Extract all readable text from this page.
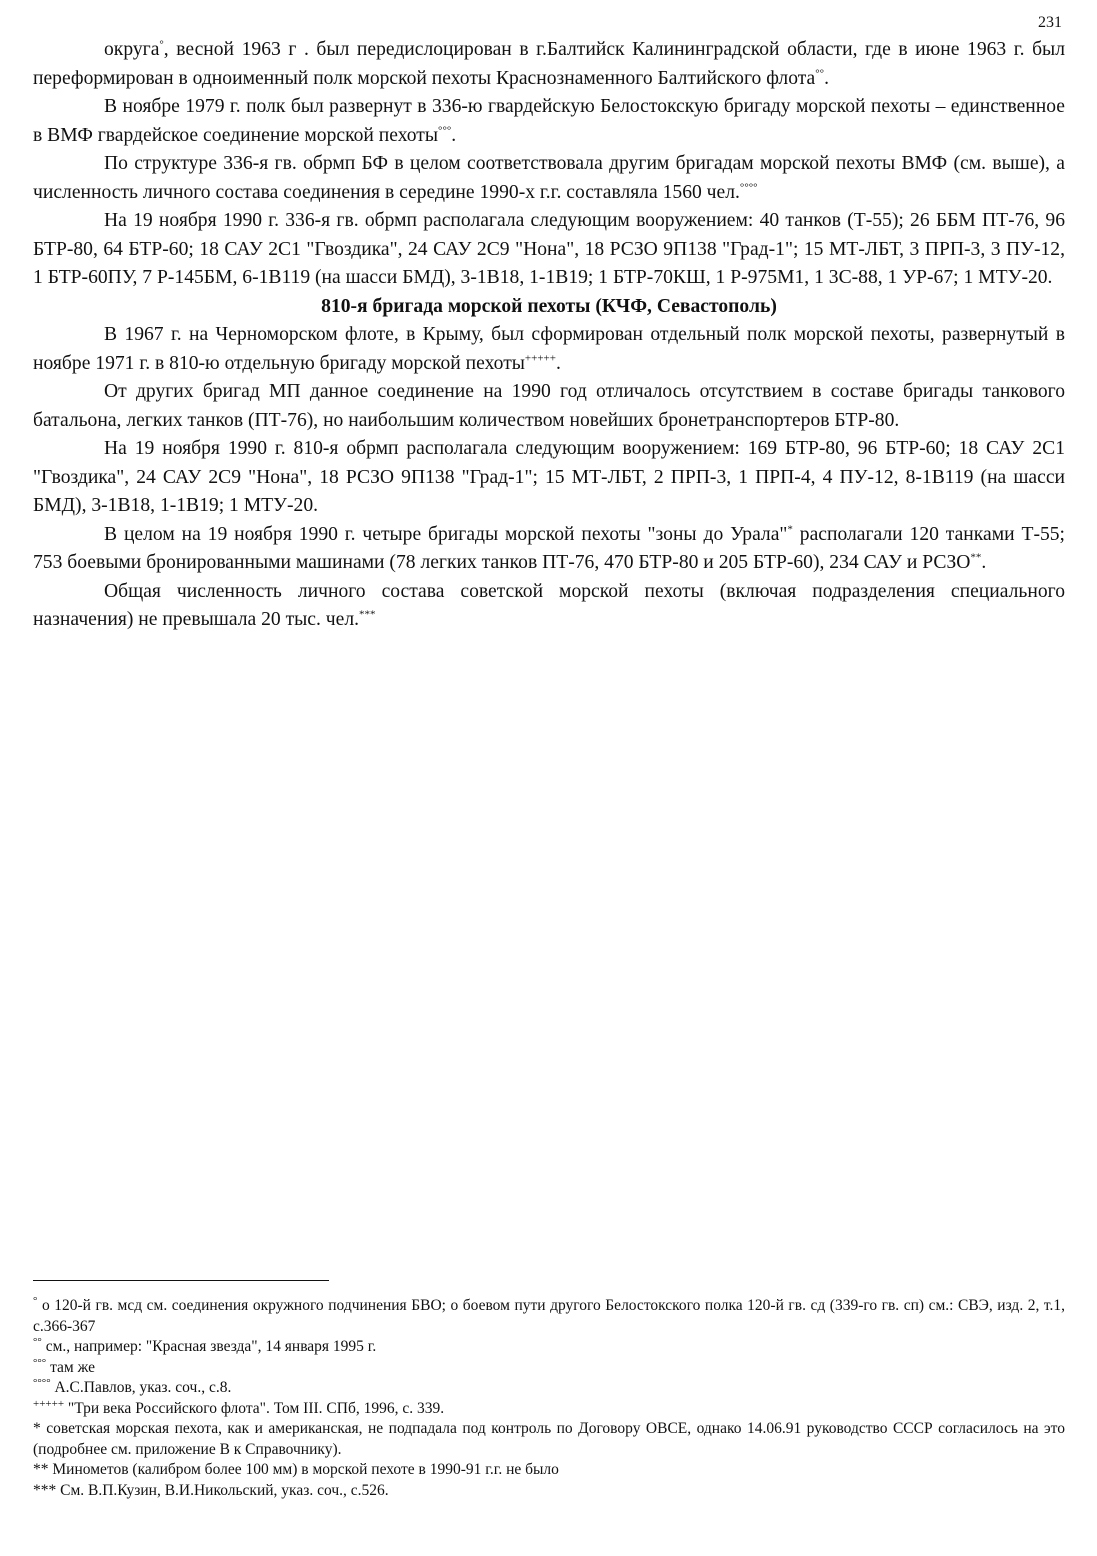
231

округа°, весной 1963 г . был передислоцирован в г.Балтийск Калининградской области, где в июне 1963 г. был переформирован в одноименный полк морской пехоты Краснознаменного Балтийского флота°°.

В ноябре 1979 г. полк был развернут в 336-ю гвардейскую Белостокскую бригаду морской пехоты – единственное в ВМФ гвардейское соединение морской пехоты°°°.

По структуре 336-я гв. обрмп БФ в целом соответствовала другим бригадам морской пехоты ВМФ (см. выше), а численность личного состава соединения в середине 1990-х г.г. составляла 1560 чел.°°°°

На 19 ноября 1990 г. 336-я гв. обрмп располагала следующим вооружением: 40 танков (Т-55); 26 ББМ ПТ-76, 96 БТР-80, 64 БТР-60; 18 САУ 2С1 "Гвоздика", 24 САУ 2С9 "Нона", 18 РСЗО 9П138 "Град-1"; 15 МТ-ЛБТ, 3 ПРП-3, 3 ПУ-12, 1 БТР-60ПУ, 7 Р-145БМ, 6-1В119 (на шасси БМД), 3-1В18, 1-1В19; 1 БТР-70КШ, 1 Р-975М1, 1 3С-88, 1 УР-67; 1 МТУ-20.

810-я бригада морской пехоты (КЧФ, Севастополь)

В 1967 г. на Черноморском флоте, в Крыму, был сформирован отдельный полк морской пехоты, развернутый в ноябре 1971 г. в 810-ю отдельную бригаду морской пехоты+++++.

От других бригад МП данное соединение на 1990 год отличалось отсутствием в составе бригады танкового батальона, легких танков (ПТ-76), но наибольшим количеством новейших бронетранспортеров БТР-80.

На 19 ноября 1990 г. 810-я обрмп располагала следующим вооружением: 169 БТР-80, 96 БТР-60; 18 САУ 2С1 "Гвоздика", 24 САУ 2С9 "Нона", 18 РСЗО 9П138 "Град-1"; 15 МТ-ЛБТ, 2 ПРП-3, 1 ПРП-4, 4 ПУ-12, 8-1В119 (на шасси БМД), 3-1В18, 1-1В19; 1 МТУ-20.

В целом на 19 ноября 1990 г. четыре бригады морской пехоты "зоны до Урала"* располагали 120 танками Т-55; 753 боевыми бронированными машинами (78 легких танков ПТ-76, 470 БТР-80 и 205 БТР-60), 234 САУ и РСЗО**.

Общая численность личного состава советской морской пехоты (включая подразделения специального назначения) не превышала 20 тыс. чел.***

° о 120-й гв. мсд см. соединения окружного подчинения БВО; о боевом пути другого Белостокского полка 120-й гв. сд (339-го гв. сп) см.: СВЭ, изд. 2, т.1, с.366-367

°° см., например: "Красная звезда", 14 января 1995 г.

°°° там же

°°°° А.С.Павлов, указ. соч., с.8.

+++++ "Три века Российского флота". Том III. СПб, 1996, с. 339.

* советская морская пехота, как и американская, не подпадала под контроль по Договору ОВСЕ, однако 14.06.91 руководство СССР согласилось на это (подробнее см. приложение В к Справочнику).

** Минометов (калибром более 100 мм) в морской пехоте в 1990-91 г.г. не было

*** См. В.П.Кузин, В.И.Никольский, указ. соч., с.526.
